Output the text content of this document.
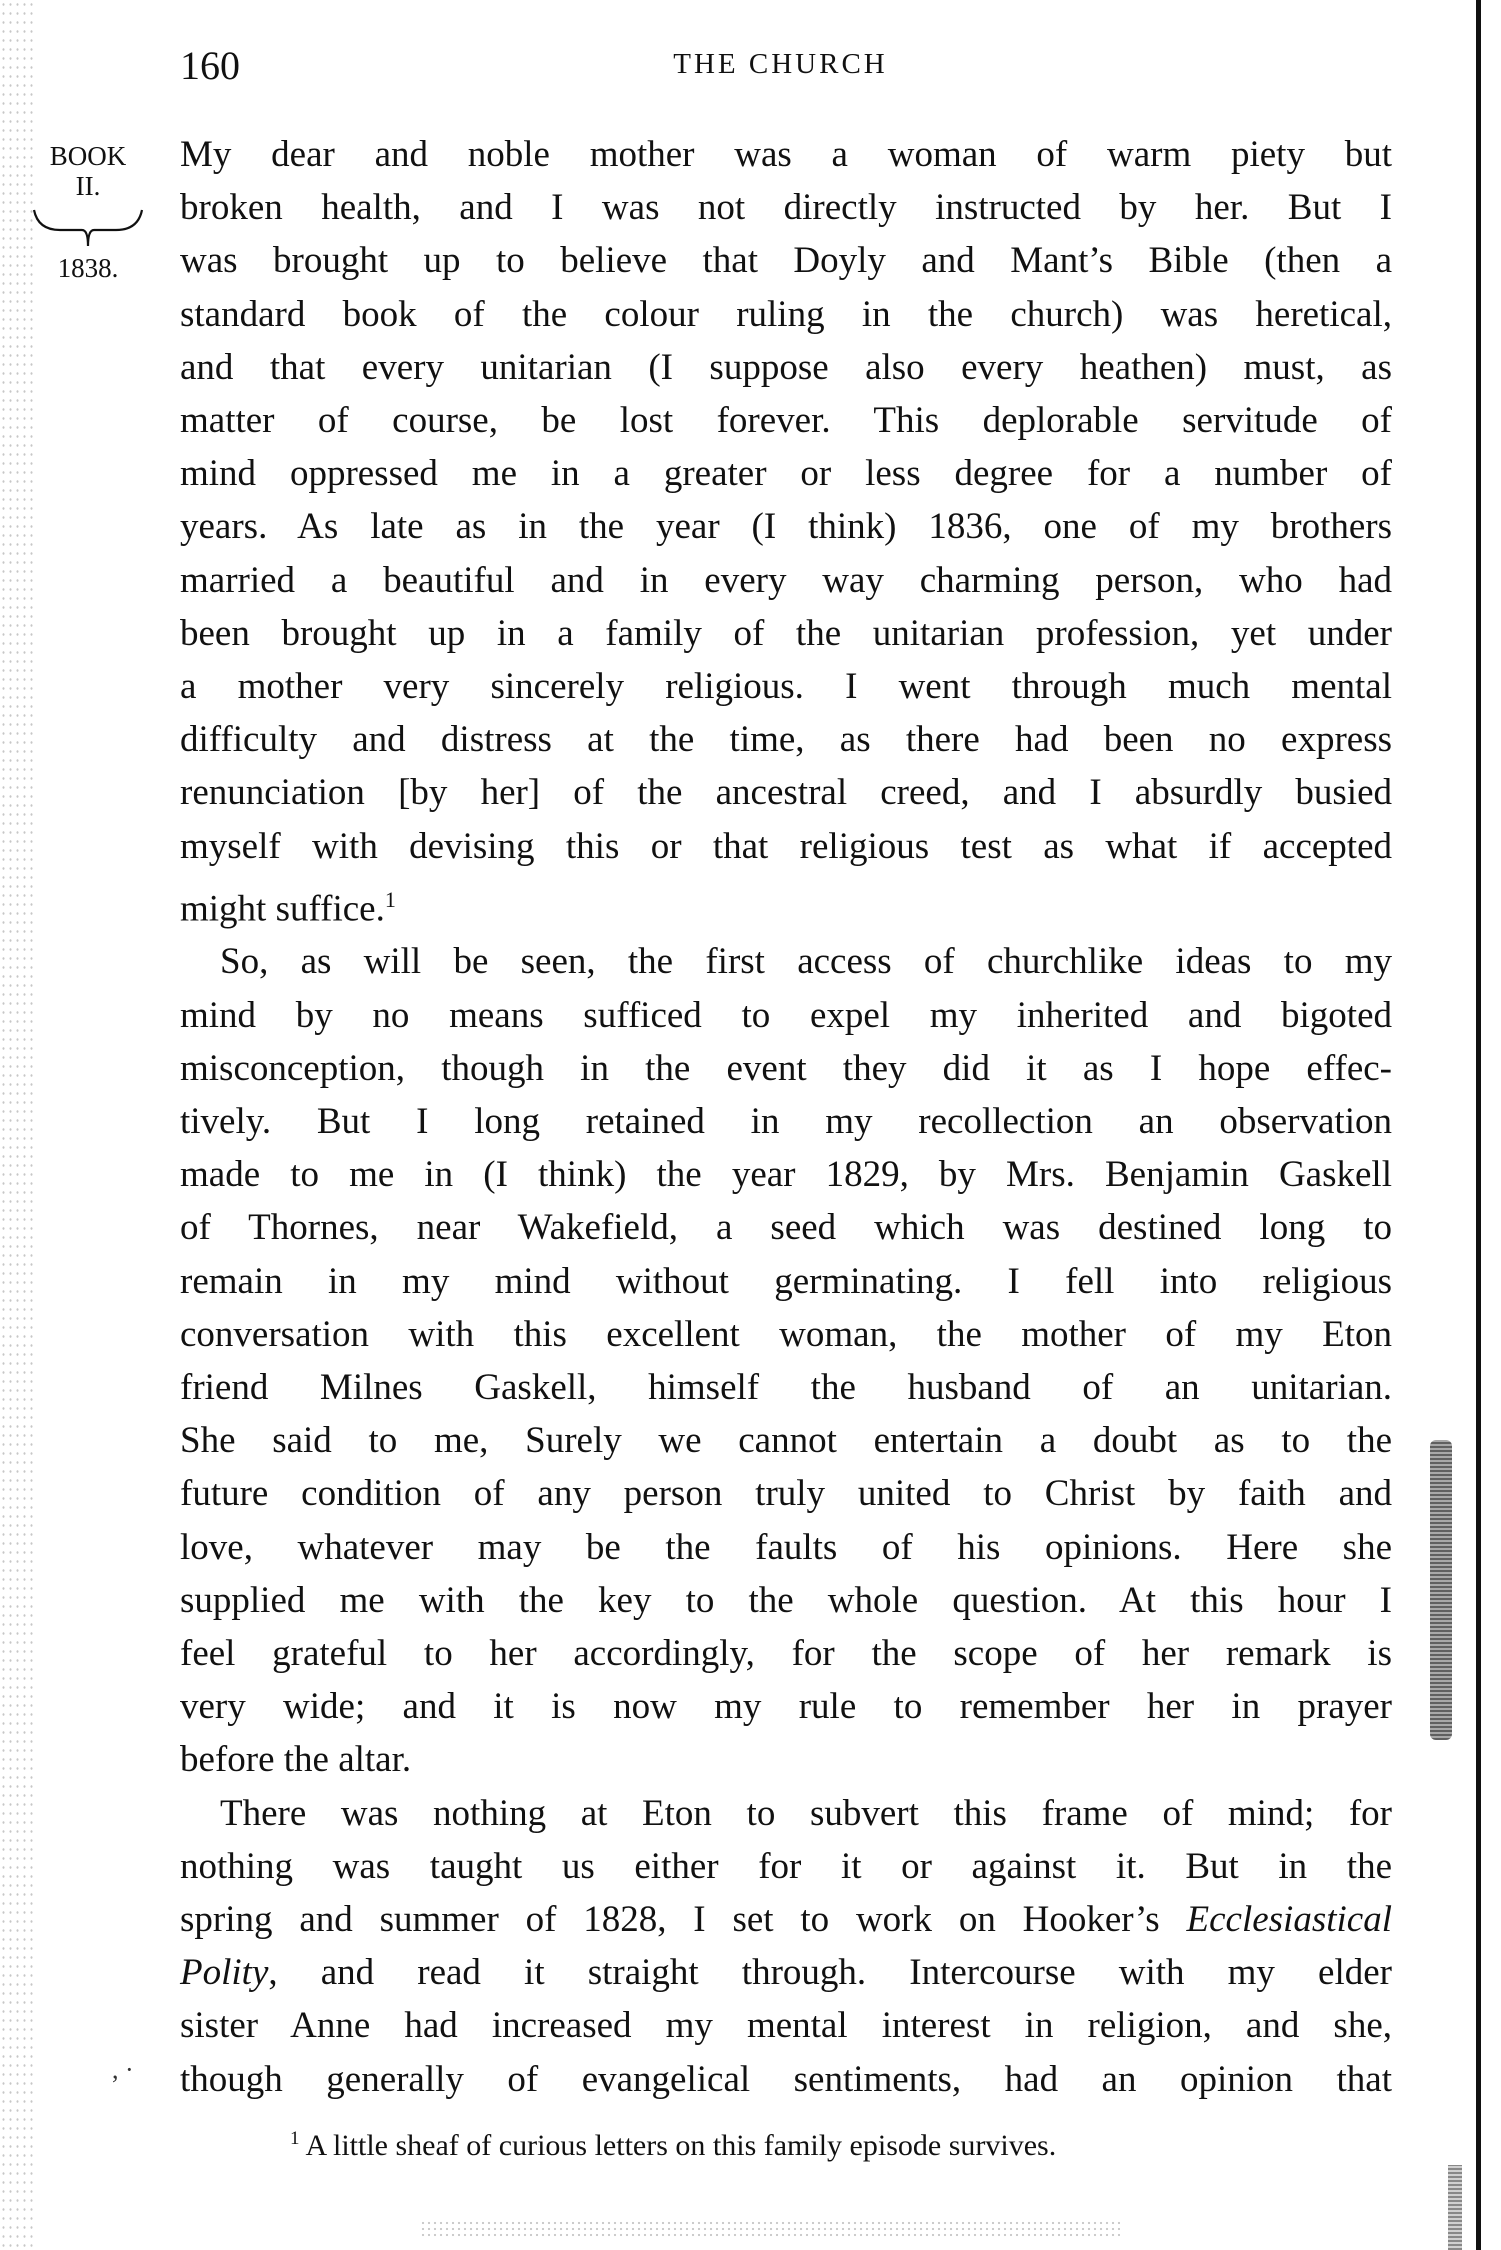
160	THE CHURCH
BOOK
II.
1838.

My dear and noble mother was a woman of warm piety but
broken health, and I was not directly instructed by her. But I
was brought up to believe that Doyly and Mant’s Bible (then a
standard book of the colour ruling in the church) was heretical,
and that every unitarian (I suppose also every heathen) must, as
matter of course, be lost forever. This deplorable servitude of
mind oppressed me in a greater or less degree for a number of
years. As late as in the year (I think) 1836, one of my brothers
married a beautiful and in every way charming person, who had
been brought up in a family of the unitarian profession, yet under
a mother very sincerely religious. I went through much mental
difficulty and distress at the time, as there had been no express
renunciation [by her] of the ancestral creed, and I absurdly busied
myself with devising this or that religious test as what if accepted
might suffice.$^1$

So, as will be seen, the first access of churchlike ideas to my
mind by no means sufficed to expel my inherited and bigoted
misconception, though in the event they did it as I hope effec-
tively. But I long retained in my recollection an observation
made to me in (I think) the year 1829, by Mrs. Benjamin Gaskell
of Thornes, near Wakefield, a seed which was destined long to
remain in my mind without germinating. I fell into religious
conversation with this excellent woman, the mother of my Eton
friend Milnes Gaskell, himself the husband of an unitarian.
She said to me, Surely we cannot entertain a doubt as to the
future condition of any person truly united to Christ by faith and
love, whatever may be the faults of his opinions. Here she
supplied me with the key to the whole question. At this hour I
feel grateful to her accordingly, for the scope of her remark is
very wide; and it is now my rule to remember her in prayer
before the altar.

There was nothing at Eton to subvert this frame of mind; for
nothing was taught us either for it or against it. But in the
spring and summer of 1828, I set to work on Hooker’s Ecclesiastical
Polity, and read it straight through. Intercourse with my elder
sister Anne had increased my mental interest in religion, and she,
though generally of evangelical sentiments, had an opinion that

, ·
$^1$ A little sheaf of curious letters on this family episode survives.
